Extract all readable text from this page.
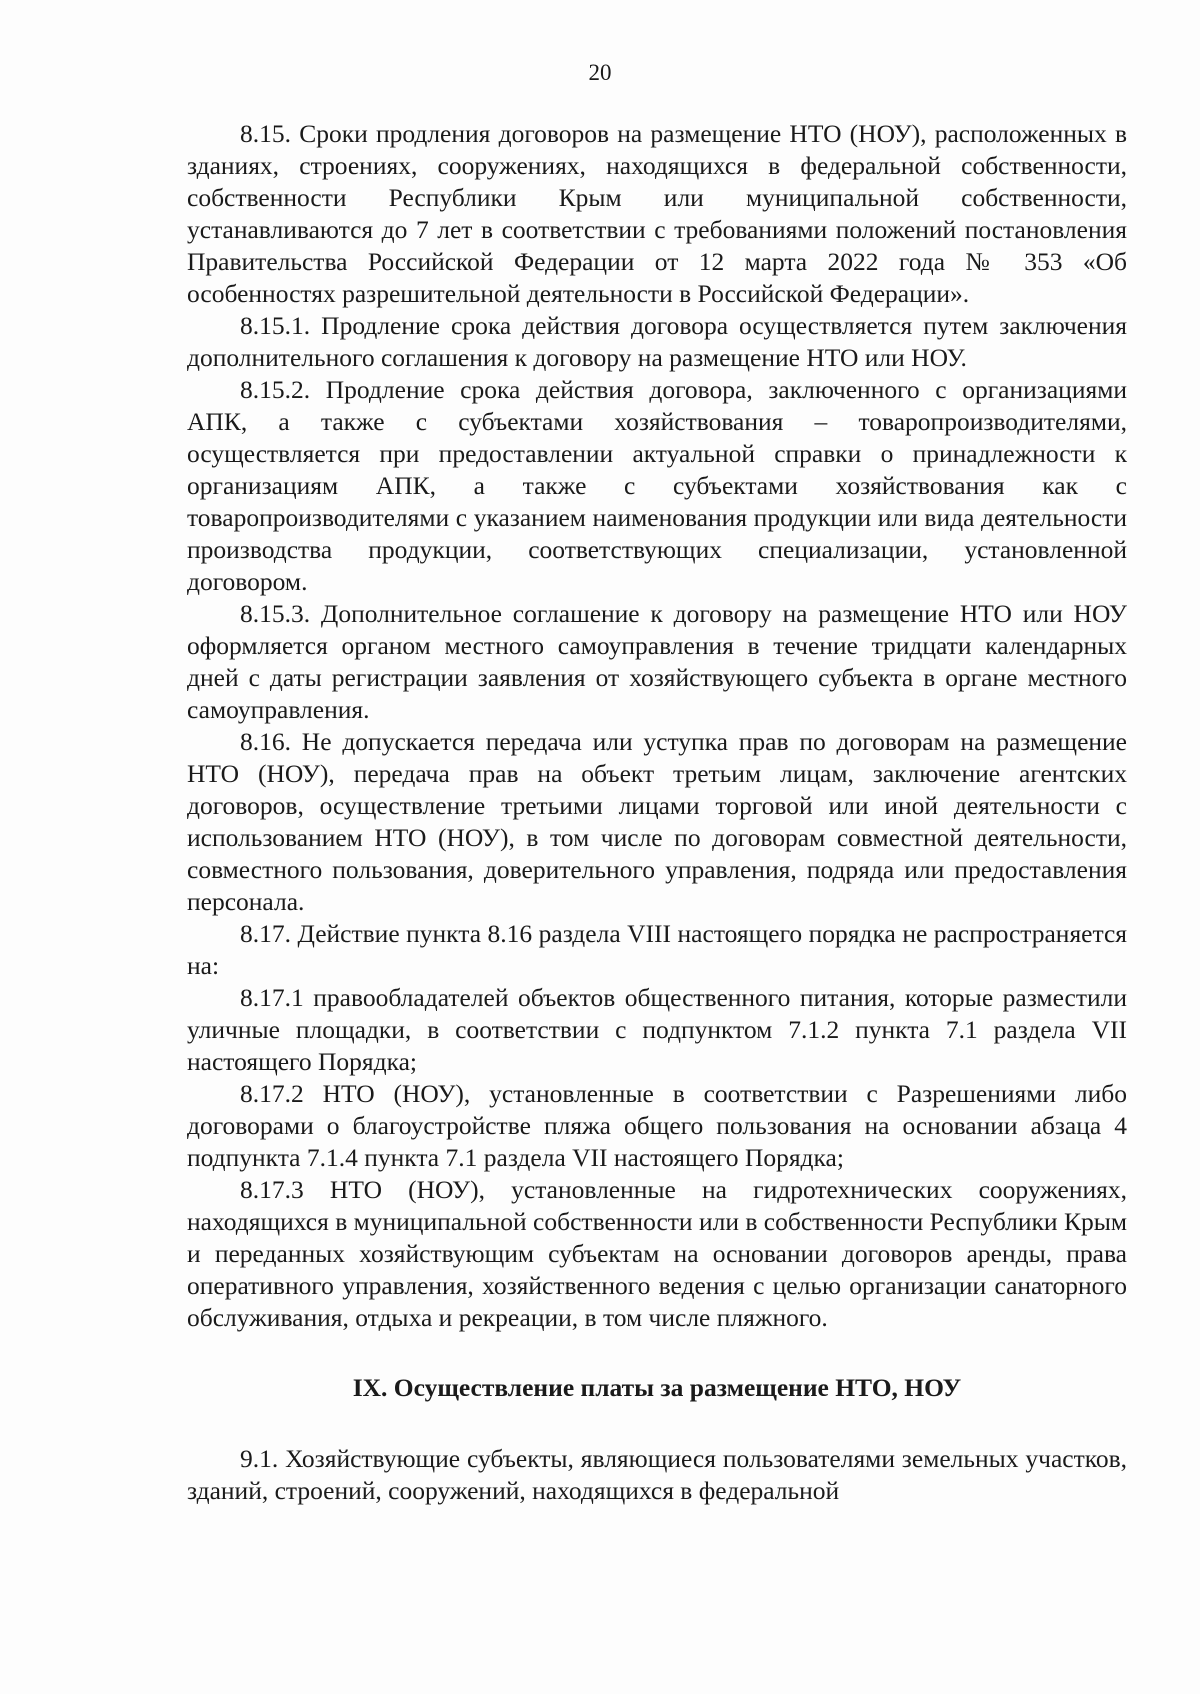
20

8.15. Сроки продления договоров на размещение НТО (НОУ), расположенных в зданиях, строениях, сооружениях, находящихся в федеральной собственности, собственности Республики Крым или муниципальной собственности, устанавливаются до 7 лет в соответствии с требованиями положений постановления Правительства Российской Федерации от 12 марта 2022 года № 353 «Об особенностях разрешительной деятельности в Российской Федерации».

8.15.1. Продление срока действия договора осуществляется путем заключения дополнительного соглашения к договору на размещение НТО или НОУ.

8.15.2. Продление срока действия договора, заключенного с организациями АПК, а также с субъектами хозяйствования – товаропроизводителями, осуществляется при предоставлении актуальной справки о принадлежности к организациям АПК, а также с субъектами хозяйствования как с товаропроизводителями с указанием наименования продукции или вида деятельности производства продукции, соответствующих специализации, установленной договором.

8.15.3. Дополнительное соглашение к договору на размещение НТО или НОУ оформляется органом местного самоуправления в течение тридцати календарных дней с даты регистрации заявления от хозяйствующего субъекта в органе местного самоуправления.

8.16. Не допускается передача или уступка прав по договорам на размещение НТО (НОУ), передача прав на объект третьим лицам, заключение агентских договоров, осуществление третьими лицами торговой или иной деятельности с использованием НТО (НОУ), в том числе по договорам совместной деятельности, совместного пользования, доверительного управления, подряда или предоставления персонала.

8.17. Действие пункта 8.16 раздела VIII настоящего порядка не распространяется на:

8.17.1 правообладателей объектов общественного питания, которые разместили уличные площадки, в соответствии с подпунктом 7.1.2 пункта 7.1 раздела VII настоящего Порядка;

8.17.2 НТО (НОУ), установленные в соответствии с Разрешениями либо договорами о благоустройстве пляжа общего пользования на основании абзаца 4 подпункта 7.1.4 пункта 7.1 раздела VII настоящего Порядка;

8.17.3 НТО (НОУ), установленные на гидротехнических сооружениях, находящихся в муниципальной собственности или в собственности Республики Крым и переданных хозяйствующим субъектам на основании договоров аренды, права оперативного управления, хозяйственного ведения с целью организации санаторного обслуживания, отдыха и рекреации, в том числе пляжного.

IX. Осуществление платы за размещение НТО, НОУ

9.1. Хозяйствующие субъекты, являющиеся пользователями земельных участков, зданий, строений, сооружений, находящихся в федеральной
